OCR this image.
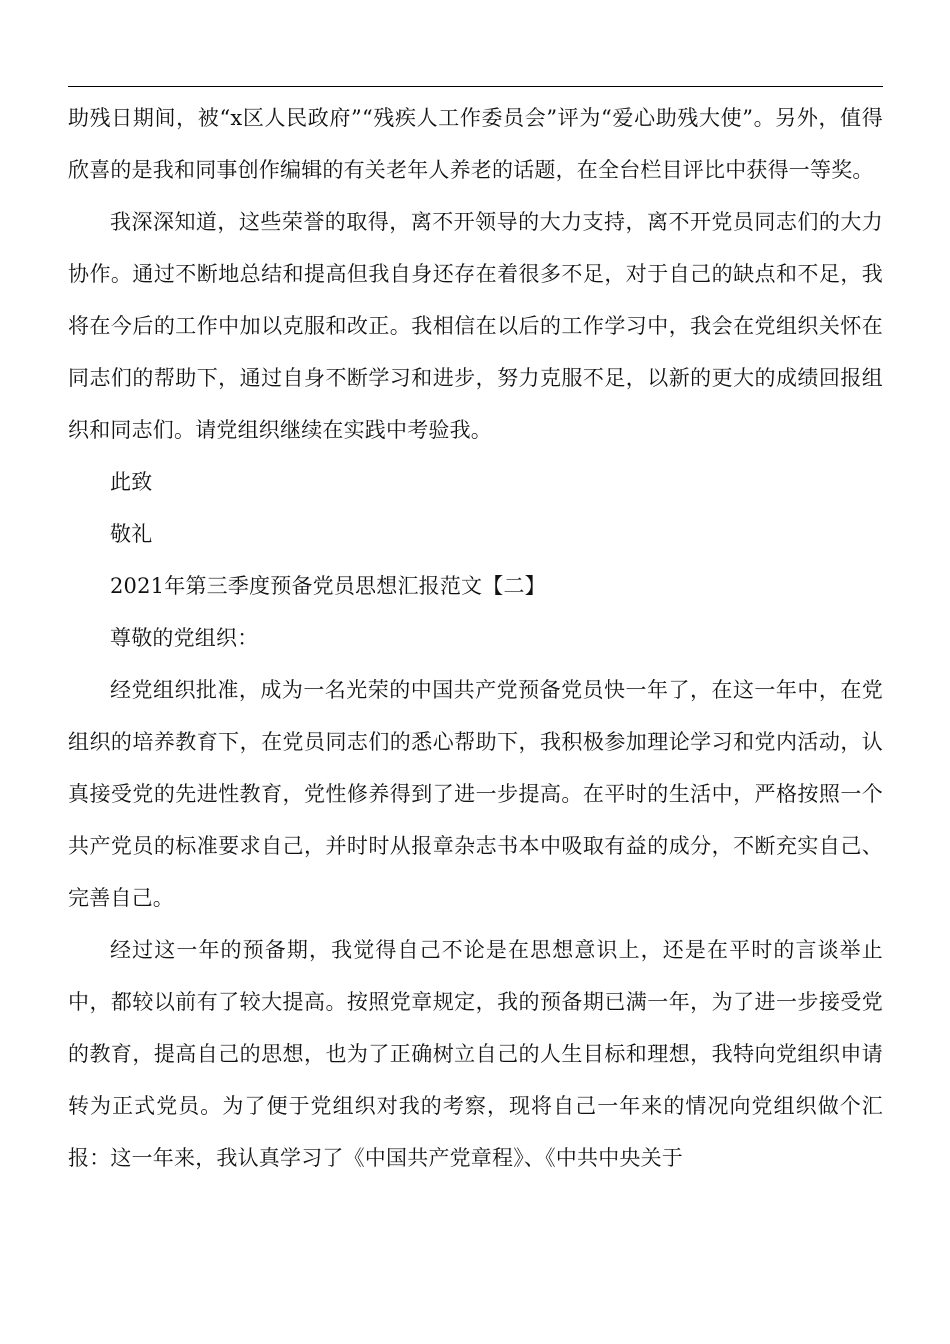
助残日期间，被“x区人民政府”“残疾人工作委员会”评为“爱心助残大使”。另外，值得欣喜的是我和同事创作编辑的有关老年人养老的话题，在全台栏目评比中获得一等奖。

我深深知道，这些荣誉的取得，离不开领导的大力支持，离不开党员同志们的大力协作。通过不断地总结和提高但我自身还存在着很多不足，对于自己的缺点和不足，我将在今后的工作中加以克服和改正。我相信在以后的工作学习中，我会在党组织关怀在同志们的帮助下，通过自身不断学习和进步，努力克服不足，以新的更大的成绩回报组织和同志们。请党组织继续在实践中考验我。

此致

敬礼

2021年第三季度预备党员思想汇报范文【二】

尊敬的党组织：

经党组织批准，成为一名光荣的中国共产党预备党员快一年了，在这一年中，在党组织的培养教育下，在党员同志们的悉心帮助下，我积极参加理论学习和党内活动，认真接受党的先进性教育，党性修养得到了进一步提高。在平时的生活中，严格按照一个共产党员的标准要求自己，并时时从报章杂志书本中吸取有益的成分，不断充实自己、完善自己。

经过这一年的预备期，我觉得自己不论是在思想意识上，还是在平时的言谈举止中，都较以前有了较大提高。按照党章规定，我的预备期已满一年，为了进一步接受党的教育，提高自己的思想，也为了正确树立自己的人生目标和理想，我特向党组织申请转为正式党员。为了便于党组织对我的考察，现将自己一年来的情况向党组织做个汇报：这一年来，我认真学习了《中国共产党章程》、《中共中央关于
